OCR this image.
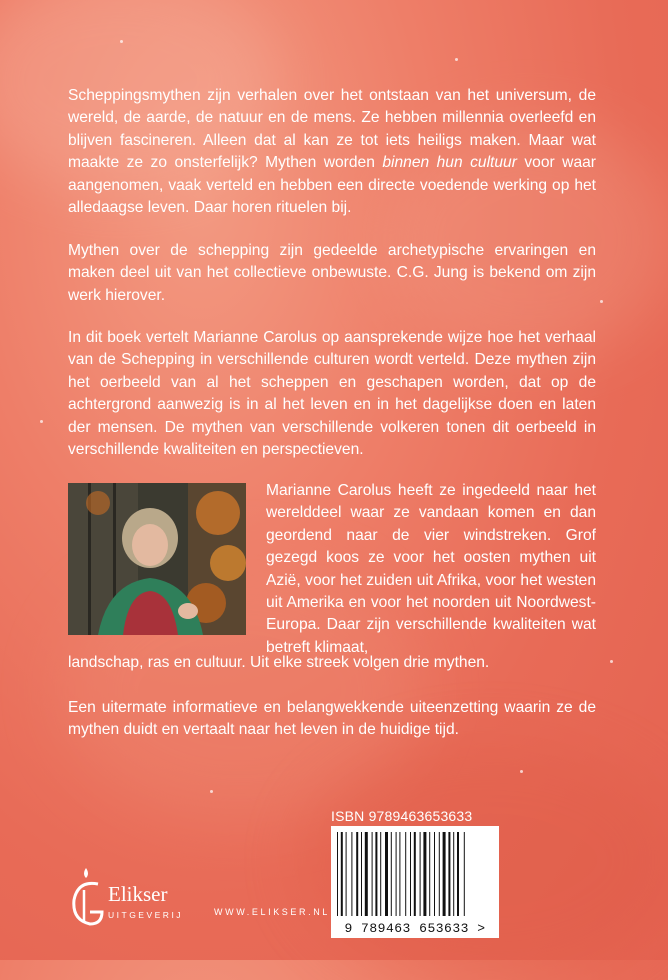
Scheppingsmythen zijn verhalen over het ontstaan van het universum, de wereld, de aarde, de natuur en de mens. Ze hebben millennia overleefd en blijven fascineren. Alleen dat al kan ze tot iets heiligs maken. Maar wat maakte ze zo onsterfelijk? Mythen worden binnen hun cultuur voor waar aangenomen, vaak verteld en hebben een directe voedende werking op het alledaagse leven. Daar horen rituelen bij.

Mythen over de schepping zijn gedeelde archetypische ervaringen en maken deel uit van het collectieve onbewuste. C.G. Jung is bekend om zijn werk hierover.

In dit boek vertelt Marianne Carolus op aansprekende wijze hoe het verhaal van de Schepping in verschillende culturen wordt verteld. Deze mythen zijn het oerbeeld van al het scheppen en geschapen worden, dat op de achtergrond aanwezig is in al het leven en in het dagelijkse doen en laten der mensen. De mythen van verschillende volkeren tonen dit oerbeeld in verschillende kwaliteiten en perspectieven.

Marianne Carolus heeft ze ingedeeld naar het werelddeel waar ze vandaan komen en dan geordend naar de vier windstreken. Grof gezegd koos ze voor het oosten mythen uit Azië, voor het zuiden uit Afrika, voor het westen uit Amerika en voor het noorden uit Noordwest-Europa. Daar zijn verschillende kwaliteiten wat betreft klimaat,

landschap, ras en cultuur. Uit elke streek volgen drie mythen.

Een uitermate informatieve en belangwekkende uiteenzetting waarin ze de mythen duidt en vertaalt naar het leven in de huidige tijd.

ISBN 9789463653633
9 789463 653633 >
Elikser
UITGEVERIJ	WWW.ELIKSER.NL
